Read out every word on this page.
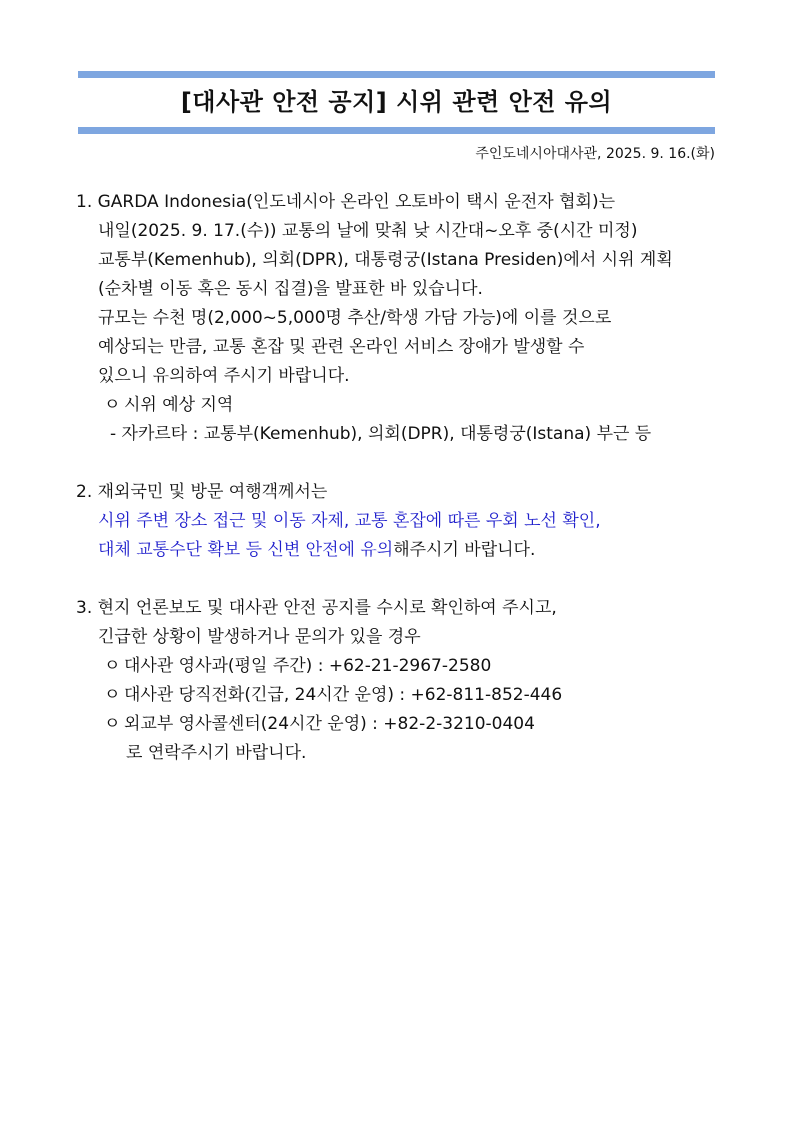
[대사관 안전 공지] 시위 관련 안전 유의
주인도네시아대사관, 2025. 9. 16.(화)
1. GARDA Indonesia(인도네시아 온라인 오토바이 택시 운전자 협회)는
내일(2025. 9. 17.(수)) 교통의 날에 맞춰 낮 시간대~오후 중(시간 미정)
교통부(Kemenhub), 의회(DPR), 대통령궁(Istana Presiden)에서 시위 계획
(순차별 이동 혹은 동시 집결)을 발표한 바 있습니다.
규모는 수천 명(2,000~5,000명 추산/학생 가담 가능)에 이를 것으로
예상되는 만큼, 교통 혼잡 및 관련 온라인 서비스 장애가 발생할 수
있으니 유의하여 주시기 바랍니다.
ㅇ 시위 예상 지역
- 자카르타 : 교통부(Kemenhub), 의회(DPR), 대통령궁(Istana) 부근 등
2. 재외국민 및 방문 여행객께서는
시위 주변 장소 접근 및 이동 자제, 교통 혼잡에 따른 우회 노선 확인,
대체 교통수단 확보 등 신변 안전에 유의해주시기 바랍니다.
3. 현지 언론보도 및 대사관 안전 공지를 수시로 확인하여 주시고,
긴급한 상황이 발생하거나 문의가 있을 경우
ㅇ 대사관 영사과(평일 주간) : +62-21-2967-2580
ㅇ 대사관 당직전화(긴급, 24시간 운영) : +62-811-852-446
ㅇ 외교부 영사콜센터(24시간 운영) : +82-2-3210-0404
로 연락주시기 바랍니다.
